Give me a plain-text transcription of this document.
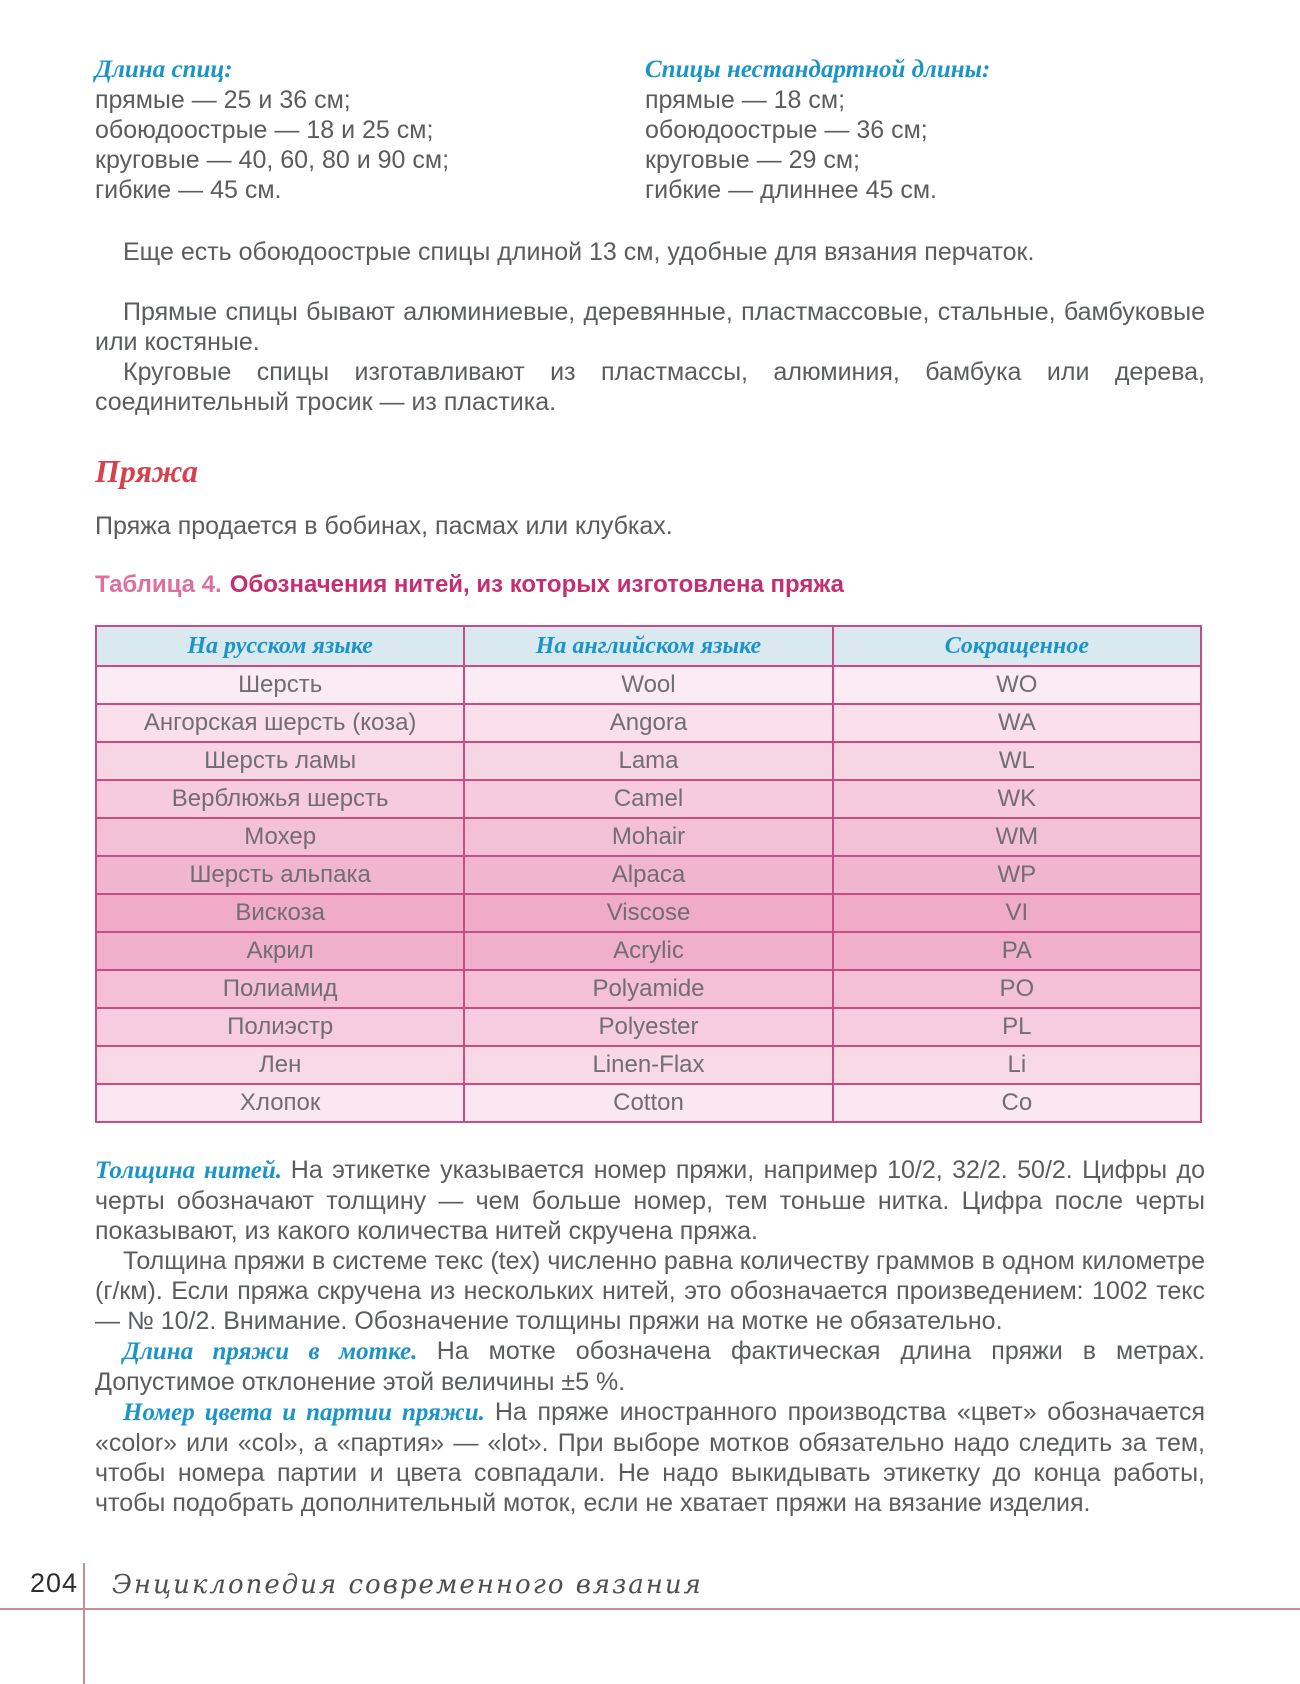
Длина спиц:
прямые — 25 и 36 см;
обоюдоострые — 18 и 25 см;
круговые — 40, 60, 80 и 90 см;
гибкие — 45 см.
Спицы нестандартной длины:
прямые — 18 см;
обоюдоострые — 36 см;
круговые — 29 см;
гибкие — длиннее 45 см.

Еще есть обоюдоострые спицы длиной 13 см, удобные для вязания перчаток.

Прямые спицы бывают алюминиевые, деревянные, пластмассовые, стальные, бамбуковые или костяные.

Круговые спицы изготавливают из пластмассы, алюминия, бамбука или дерева, соединительный тросик — из пластика.

Пряжа

Пряжа продается в бобинах, пасмах или клубках.

Таблица 4. Обозначения нитей, из которых изготовлена пряжа

На русском языке	На английском языке	Сокращенное
Шерсть	Wool	WO
Ангорская шерсть (коза)	Angora	WA
Шерсть ламы	Lama	WL
Верблюжья шерсть	Camel	WK
Мохер	Mohair	WM
Шерсть альпака	Alpaca	WP
Вискоза	Viscose	VI
Акрил	Acrylic	PA
Полиамид	Polyamide	PO
Полиэстр	Polyester	PL
Лен	Linen-Flax	Li
Хлопок	Cotton	Co

Толщина нитей. На этикетке указывается номер пряжи, например 10/2, 32/2. 50/2. Цифры до черты обозначают толщину — чем больше номер, тем тоньше нитка. Цифра после черты показывают, из какого количества нитей скручена пряжа.

Толщина пряжи в системе текс (tex) численно равна количеству граммов в одном километре (г/км). Если пряжа скручена из нескольких нитей, это обозначается произведением: 1002 текс — № 10/2. Внимание. Обозначение толщины пряжи на мотке не обязательно.

Длина пряжи в мотке. На мотке обозначена фактическая длина пряжи в метрах. Допустимое отклонение этой величины ±5 %.

Номер цвета и партии пряжи. На пряже иностранного производства «цвет» обозначается «color» или «col», а «партия» — «lot». При выборе мотков обязательно надо следить за тем, чтобы номера партии и цвета совпадали. Не надо выкидывать этикетку до конца работы, чтобы подобрать дополнительный моток, если не хватает пряжи на вязание изделия.

204 Энциклопедия современного вязания
